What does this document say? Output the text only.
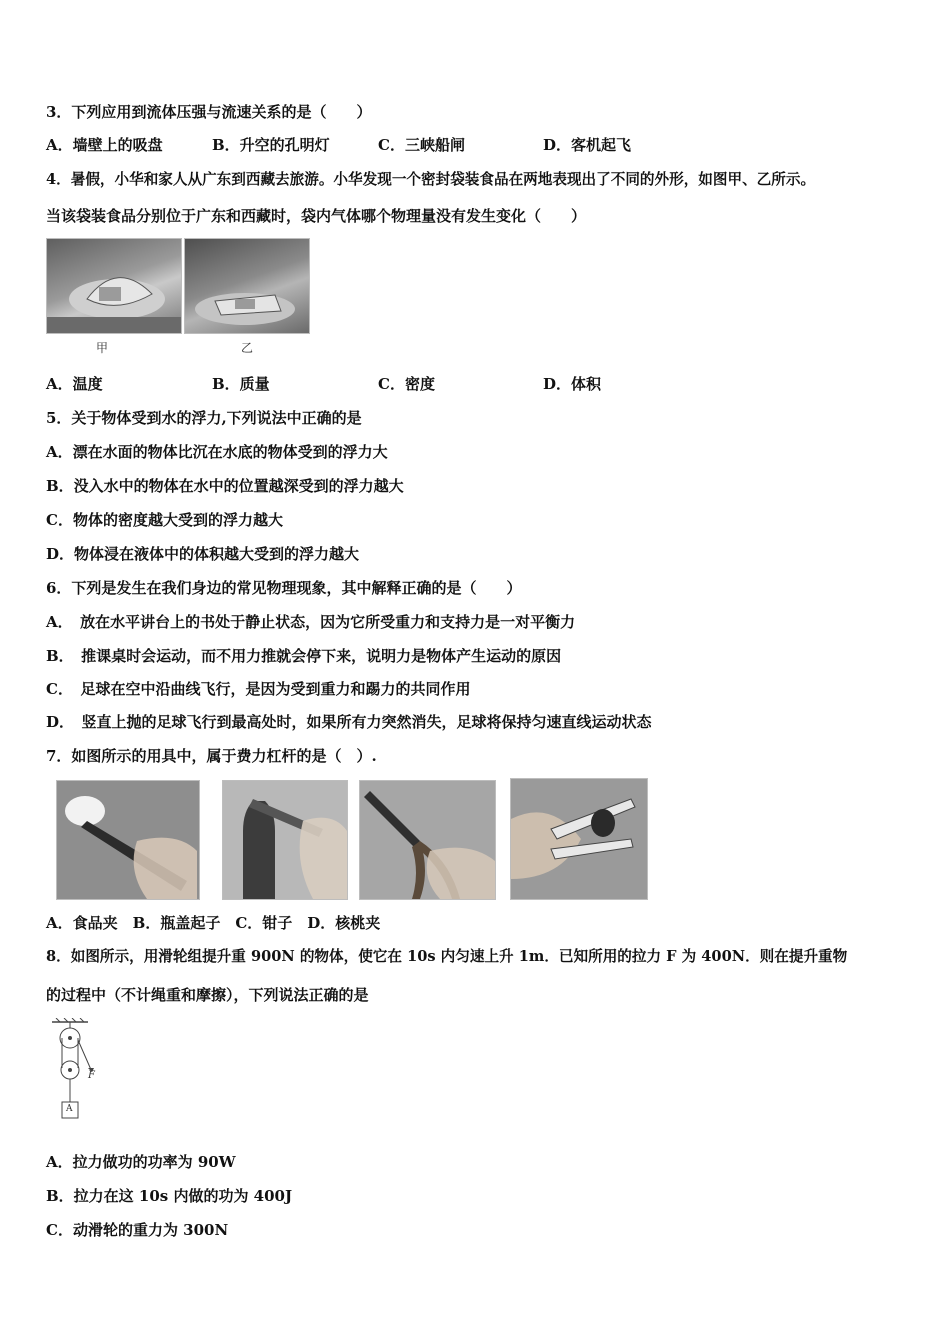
3．下列应用到流体压强与流速关系的是（　　）
A．墙壁上的吸盘	B．升空的孔明灯	C．三峡船闸	D．客机起飞
4．暑假，小华和家人从广东到西藏去旅游。小华发现一个密封袋装食品在两地表现出了不同的外形，如图甲、乙所示。
当该袋装食品分别位于广东和西藏时，袋内气体哪个物理量没有发生变化（　　）
甲	乙
A．温度	B．质量	C．密度	D．体积
5．关于物体受到水的浮力,下列说法中正确的是
A．漂在水面的物体比沉在水底的物体受到的浮力大
B．没入水中的物体在水中的位置越深受到的浮力越大
C．物体的密度越大受到的浮力越大
D．物体浸在液体中的体积越大受到的浮力越大
6．下列是发生在我们身边的常见物理现象，其中解释正确的是（　　）
A．　放在水平讲台上的书处于静止状态，因为它所受重力和支持力是一对平衡力
B．　推课桌时会运动，而不用力推就会停下来，说明力是物体产生运动的原因
C．　足球在空中沿曲线飞行，是因为受到重力和踢力的共同作用
D．　竖直上抛的足球飞行到最高处时，如果所有力突然消失，足球将保持匀速直线运动状态
7．如图所示的用具中，属于费力杠杆的是（　）.
A．食品夹　B．瓶盖起子　C．钳子　D．核桃夹
8．如图所示，用滑轮组提升重 900N 的物体，使它在 10s 内匀速上升 1m．已知所用的拉力 F 为 400N．则在提升重物
的过程中（不计绳重和摩擦），下列说法正确的是
F
A
A．拉力做功的功率为 90W
B．拉力在这 10s 内做的功为 400J
C．动滑轮的重力为 300N
